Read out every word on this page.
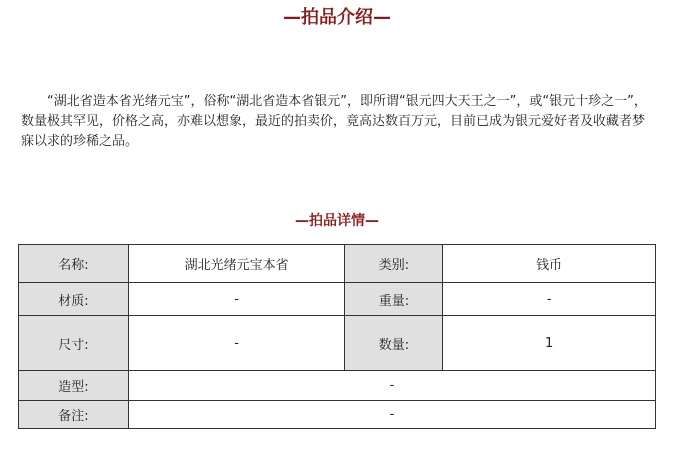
—拍品介绍—

“湖北省造本省光绪元宝”，俗称“湖北省造本省银元”，即所谓“银元四大天王之一”，或“银元十珍之一”，数量极其罕见，价格之高，亦难以想象，最近的拍卖价，竟高达数百万元，目前已成为银元爱好者及收藏者梦寐以求的珍稀之品。

—拍品详情—
名称:	湖北光绪元宝本省	类别:	钱币
材质:	-	重量:	-
尺寸:	-	数量:	1
造型:	-		
备注:	-		
